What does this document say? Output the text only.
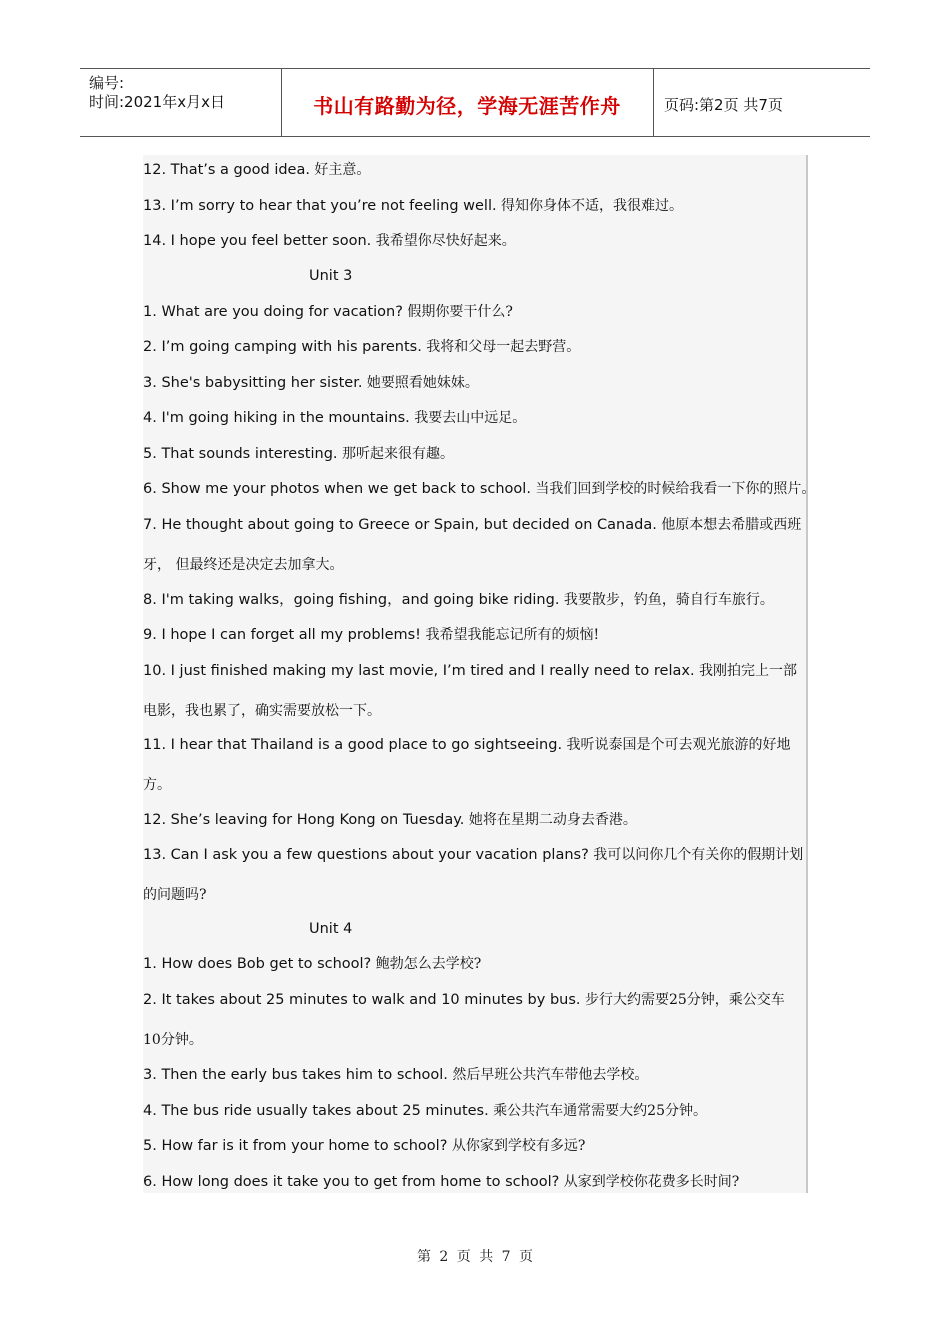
编号:
时间:2021年x月x日	书山有路勤为径，学海无涯苦作舟	页码:第2页 共7页
12. That’s a good idea. 好主意。
13. I’m sorry to hear that you’re not feeling well. 得知你身体不适，我很难过。
14. I hope you feel better soon. 我希望你尽快好起来。
Unit 3
1. What are you doing for vacation? 假期你要干什么?
2. I’m going camping with his parents. 我将和父母一起去野营。
3. She's babysitting her sister. 她要照看她妹妹。
4. I'm going hiking in the mountains. 我要去山中远足。
5. That sounds interesting. 那听起来很有趣。
6. Show me your photos when we get back to school. 当我们回到学校的时候给我看一下你的照片。
7. He thought about going to Greece or Spain, but decided on Canada. 他原本想去希腊或西班
牙， 但最终还是决定去加拿大。
8. I'm taking walks，going fishing，and going bike riding. 我要散步，钓鱼，骑自行车旅行。
9. I hope I can forget all my problems! 我希望我能忘记所有的烦恼!
10. I just finished making my last movie, I’m tired and I really need to relax. 我刚拍完上一部
电影，我也累了，确实需要放松一下。
11. I hear that Thailand is a good place to go sightseeing. 我听说泰国是个可去观光旅游的好地
方。
12. She’s leaving for Hong Kong on Tuesday. 她将在星期二动身去香港。
13. Can I ask you a few questions about your vacation plans? 我可以问你几个有关你的假期计划
的问题吗?
Unit 4
1. How does Bob get to school? 鲍勃怎么去学校?
2. It takes about 25 minutes to walk and 10 minutes by bus. 步行大约需要25分钟，乘公交车
10分钟。
3. Then the early bus takes him to school. 然后早班公共汽车带他去学校。
4. The bus ride usually takes about 25 minutes. 乘公共汽车通常需要大约25分钟。
5. How far is it from your home to school? 从你家到学校有多远?
6. How long does it take you to get from home to school? 从家到学校你花费多长时间?
第 2 页 共 7 页
